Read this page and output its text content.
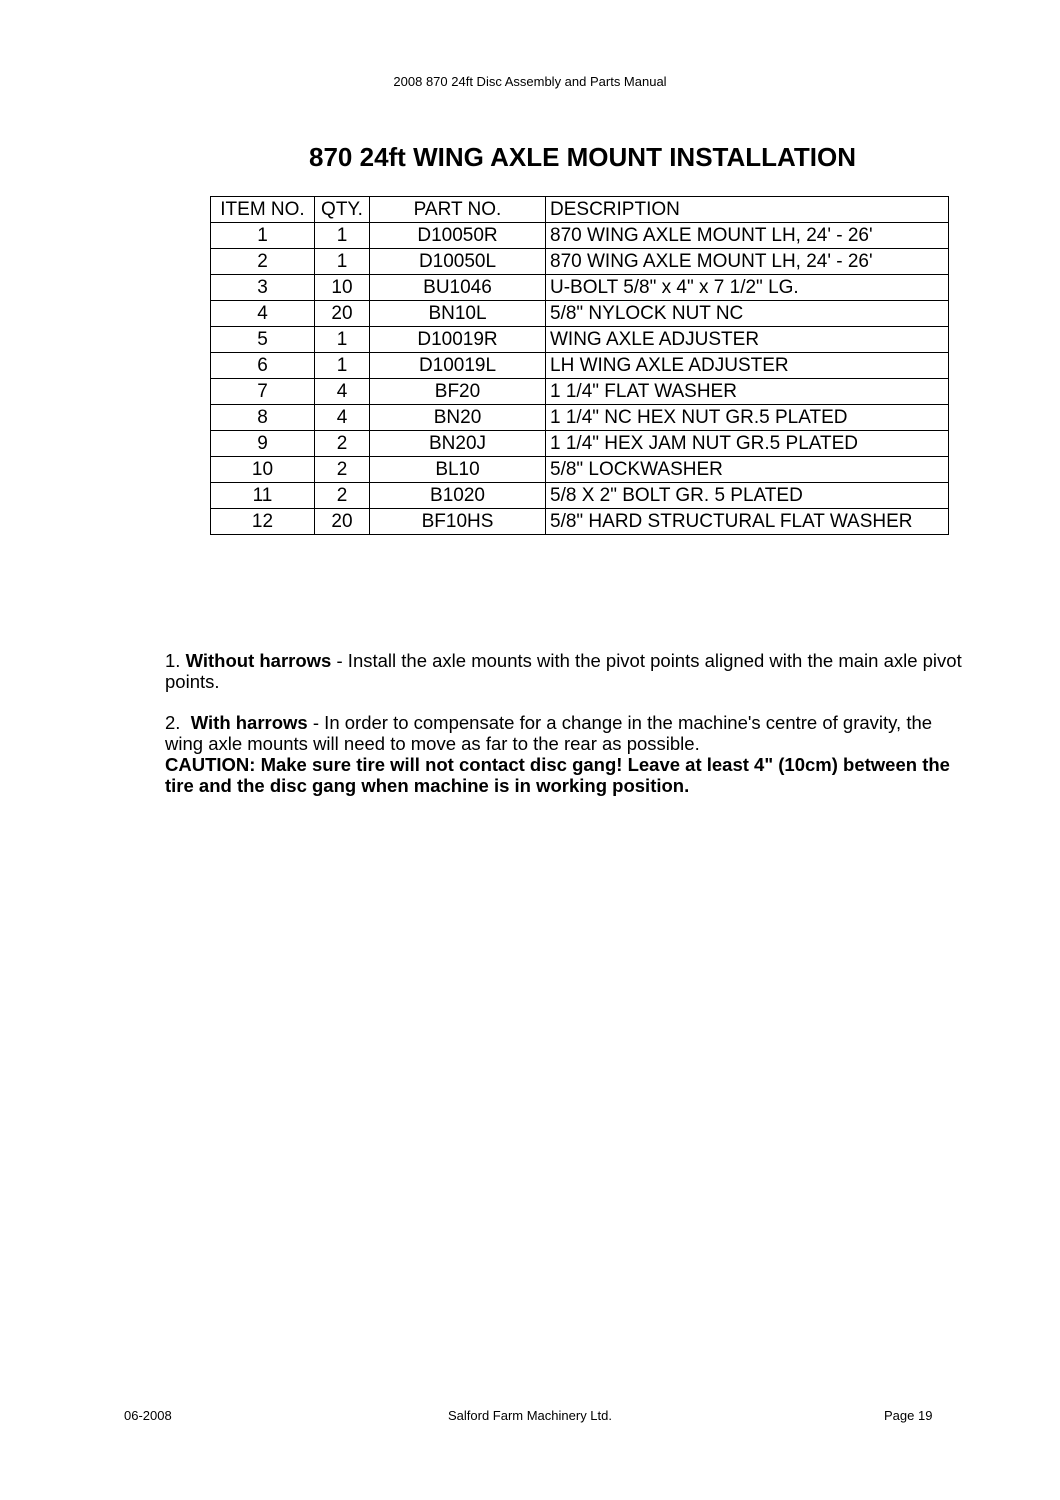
2008 870 24ft Disc Assembly and Parts Manual
870 24ft WING AXLE MOUNT INSTALLATION
ITEM NO.	QTY.	PART NO.	DESCRIPTION
1	1	D10050R	870 WING AXLE MOUNT LH, 24' - 26'
2	1	D10050L	870 WING AXLE MOUNT LH, 24' - 26'
3	10	BU1046	U-BOLT 5/8" x 4" x 7 1/2" LG.
4	20	BN10L	5/8" NYLOCK NUT NC
5	1	D10019R	WING AXLE ADJUSTER
6	1	D10019L	LH WING AXLE ADJUSTER
7	4	BF20	1 1/4" FLAT WASHER
8	4	BN20	1 1/4" NC HEX NUT GR.5 PLATED
9	2	BN20J	1 1/4" HEX JAM NUT GR.5 PLATED
10	2	BL10	5/8" LOCKWASHER
11	2	B1020	5/8 X 2" BOLT GR. 5 PLATED
12	20	BF10HS	5/8" HARD STRUCTURAL FLAT WASHER

1. Without harrows - Install the axle mounts with the pivot points aligned with the main axle pivot points.

2. With harrows - In order to compensate for a change in the machine's centre of gravity, the wing axle mounts will need to move as far to the rear as possible.
CAUTION: Make sure tire will not contact disc gang! Leave at least 4" (10cm) between the tire and the disc gang when machine is in working position.

06-2008	Salford Farm Machinery Ltd.	Page 19
